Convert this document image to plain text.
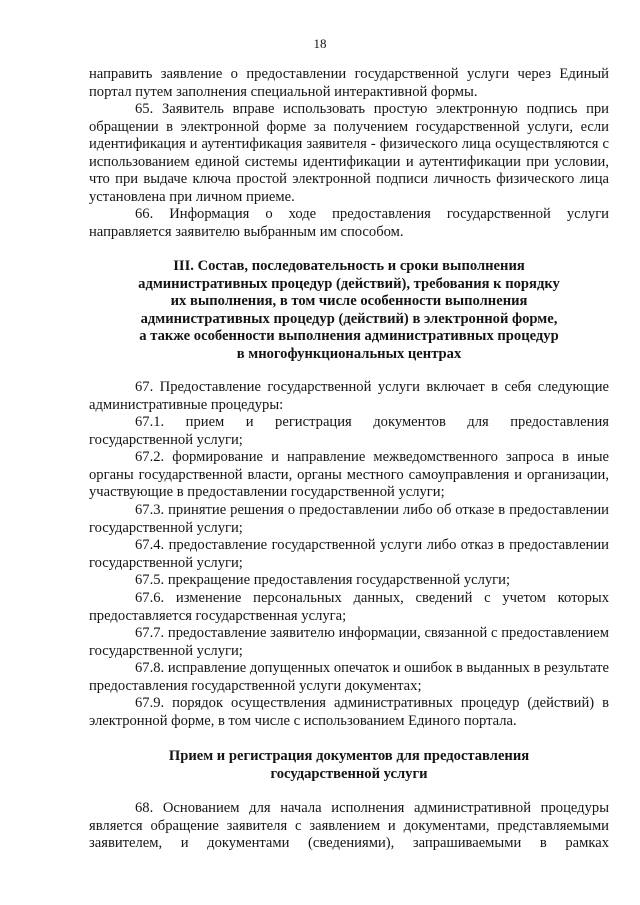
18

направить заявление о предоставлении государственной услуги через Единый портал путем заполнения специальной интерактивной формы.

65. Заявитель вправе использовать простую электронную подпись при обращении в электронной форме за получением государственной услуги, если идентификация и аутентификация заявителя - физического лица осуществляются с использованием единой системы идентификации и аутентификации при условии, что при выдаче ключа простой электронной подписи личность физического лица установлена при личном приеме.

66. Информация о ходе предоставления государственной услуги направляется заявителю выбранным им способом.

III. Состав, последовательность и сроки выполнения

административных процедур (действий), требования к порядку

их выполнения, в том числе особенности выполнения

административных процедур (действий) в электронной форме,

а также особенности выполнения административных процедур

в многофункциональных центрах

67. Предоставление государственной услуги включает в себя следующие административные процедуры:

67.1. прием и регистрация документов для предоставления государственной услуги;

67.2. формирование и направление межведомственного запроса в иные органы государственной власти, органы местного самоуправления и организации, участвующие в предоставлении государственной услуги;

67.3. принятие решения о предоставлении либо об отказе в предоставлении государственной услуги;

67.4. предоставление государственной услуги либо отказ в предоставлении государственной услуги;

67.5. прекращение предоставления государственной услуги;

67.6. изменение персональных данных, сведений с учетом которых предоставляется государственная услуга;

67.7. предоставление заявителю информации, связанной с предоставлением государственной услуги;

67.8. исправление допущенных опечаток и ошибок в выданных в результате предоставления государственной услуги документах;

67.9. порядок осуществления административных процедур (действий) в электронной форме, в том числе с использованием Единого портала.

Прием и регистрация документов для предоставления

государственной услуги

68. Основанием для начала исполнения административной процедуры

является обращение заявителя с заявлением и документами, представляемыми

заявителем, и документами (сведениями), запрашиваемыми в рамках
